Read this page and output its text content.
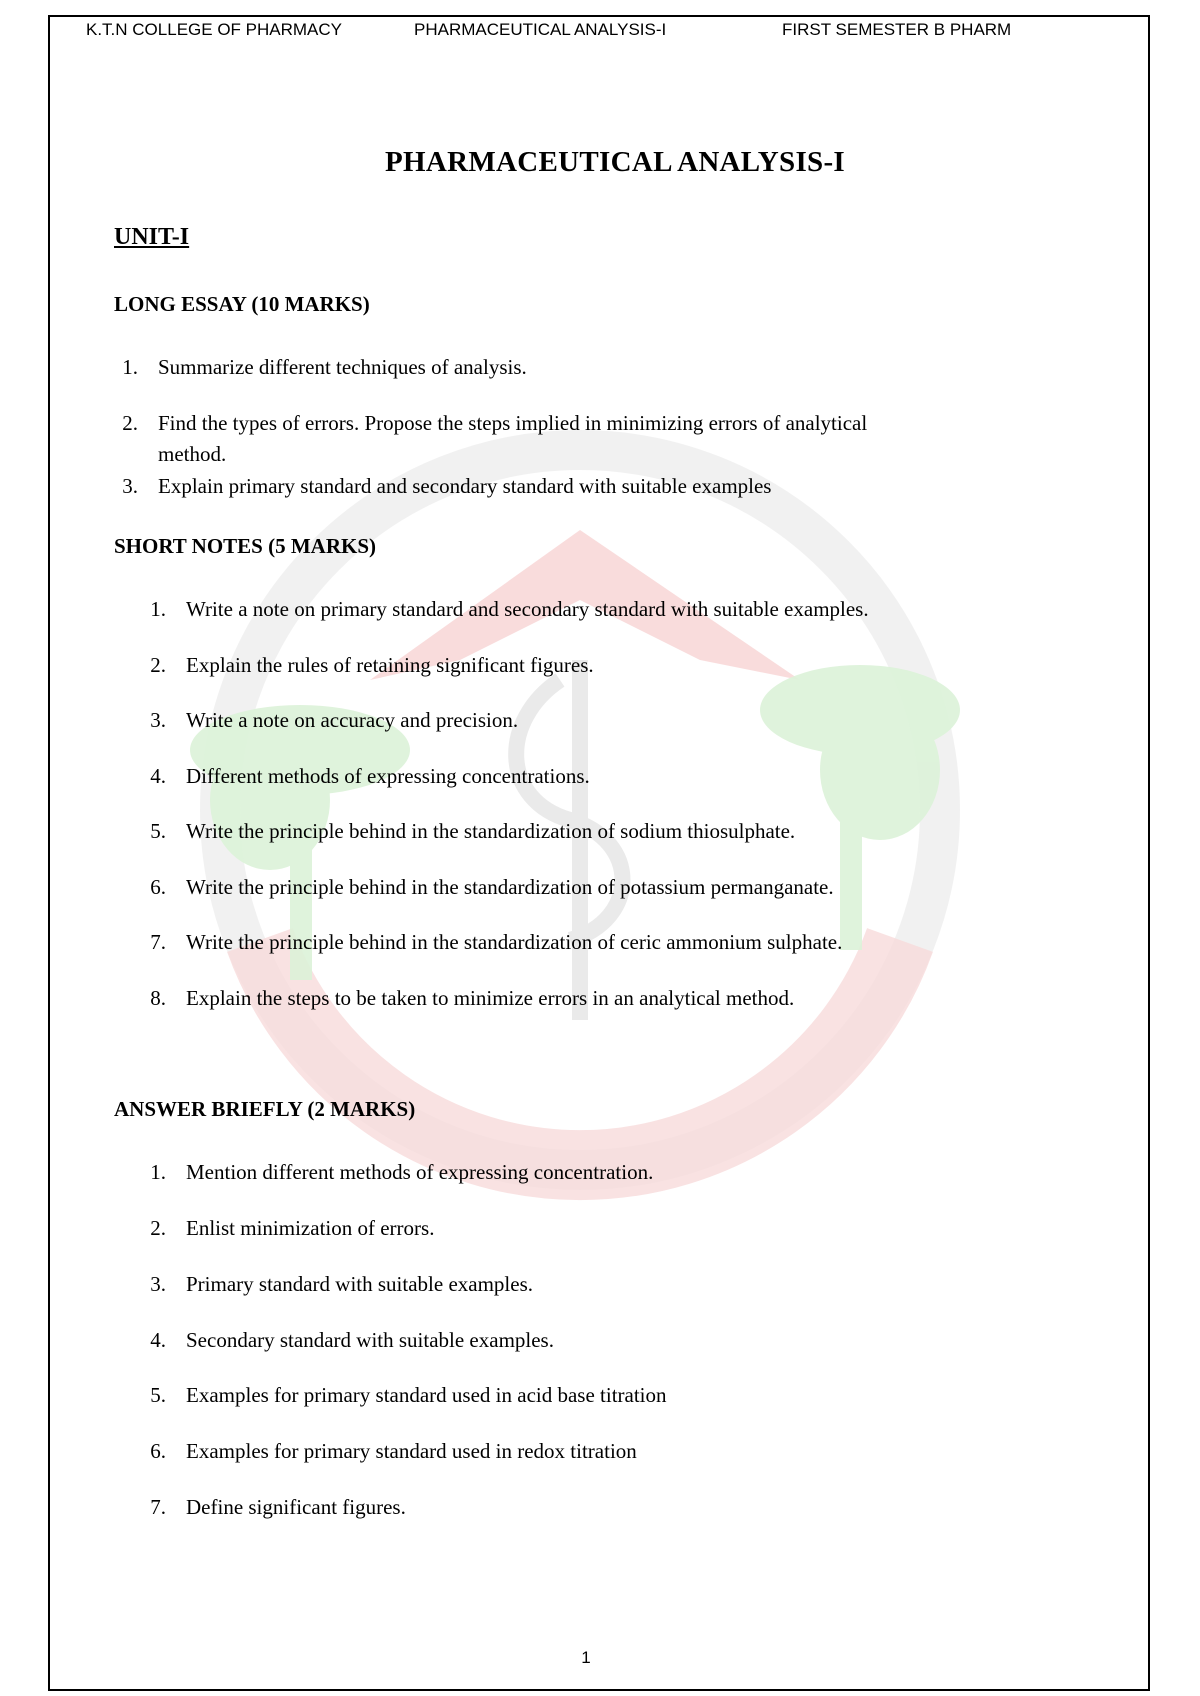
K.T.N COLLEGE OF PHARMACY	PHARMACEUTICAL ANALYSIS-I	FIRST SEMESTER B PHARM
PHARMACEUTICAL ANALYSIS-I
UNIT-I
LONG ESSAY (10 MARKS)
1. Summarize different techniques of analysis.
2. Find the types of errors. Propose the steps implied in minimizing errors of analytical
method.
3. Explain primary standard and secondary standard with suitable examples
SHORT NOTES (5 MARKS)
1. Write a note on primary standard and secondary standard with suitable examples.
2. Explain the rules of retaining significant figures.
3. Write a note on accuracy and precision.
4. Different methods of expressing concentrations.
5. Write the principle behind in the standardization of sodium thiosulphate.
6. Write the principle behind in the standardization of potassium permanganate.
7. Write the principle behind in the standardization of ceric ammonium sulphate.
8. Explain the steps to be taken to minimize errors in an analytical method.
ANSWER BRIEFLY (2 MARKS)
1. Mention different methods of expressing concentration.
2. Enlist minimization of errors.
3. Primary standard with suitable examples.
4. Secondary standard with suitable examples.
5. Examples for primary standard used in acid base titration
6. Examples for primary standard used in redox titration
7. Define significant figures.
1
